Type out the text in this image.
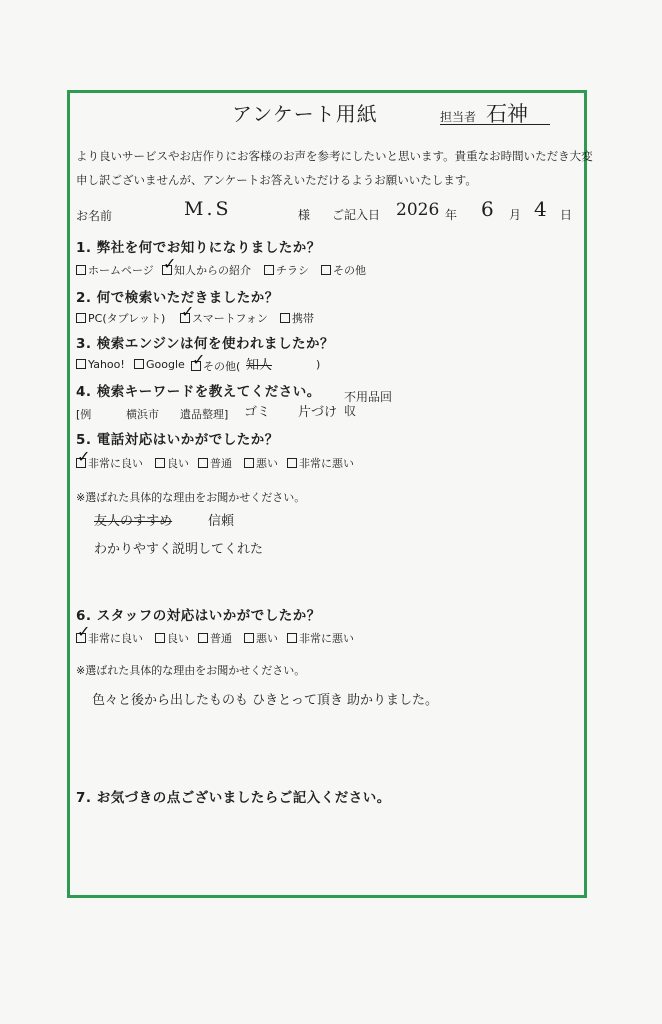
アンケート用紙	担当者 石神
より良いサービスやお店作りにお客様のお声を参考にしたいと思います。貴重なお時間いただき大変
申し訳ございませんが、アンケートお答えいただけるようお願いいたします。
お名前	M.S	様 ご記入日 2026 年 6 月 4 日
1. 弊社を何でお知りになりましたか？
ホームページ ✓	知人からの紹介	チラシ	その他
2. 何で検索いただきましたか？
PC(タブレット) ✓	スマートフォン	携帯
3. 検索エンジンは何を使われましたか？
Yahoo!	Google ✓	その他( 知人	)
4. 検索キーワードを教えてください。
[例	横浜市 遺品整理] ゴミ 片づけ
不用品回収
5. 電話対応はいかがでしたか？
✓非常に良い	良い	普通	悪い	非常に悪い
※選ばれた具体的な理由をお聞かせください。
友人のすすめ	信頼
わかりやすく説明してくれた
6. スタッフの対応はいかがでしたか？
✓非常に良い	良い	普通	悪い	非常に悪い
※選ばれた具体的な理由をお聞かせください。
色々と後から出したものも ひきとって頂き 助かりました。
7. お気づきの点ございましたらご記入ください。
